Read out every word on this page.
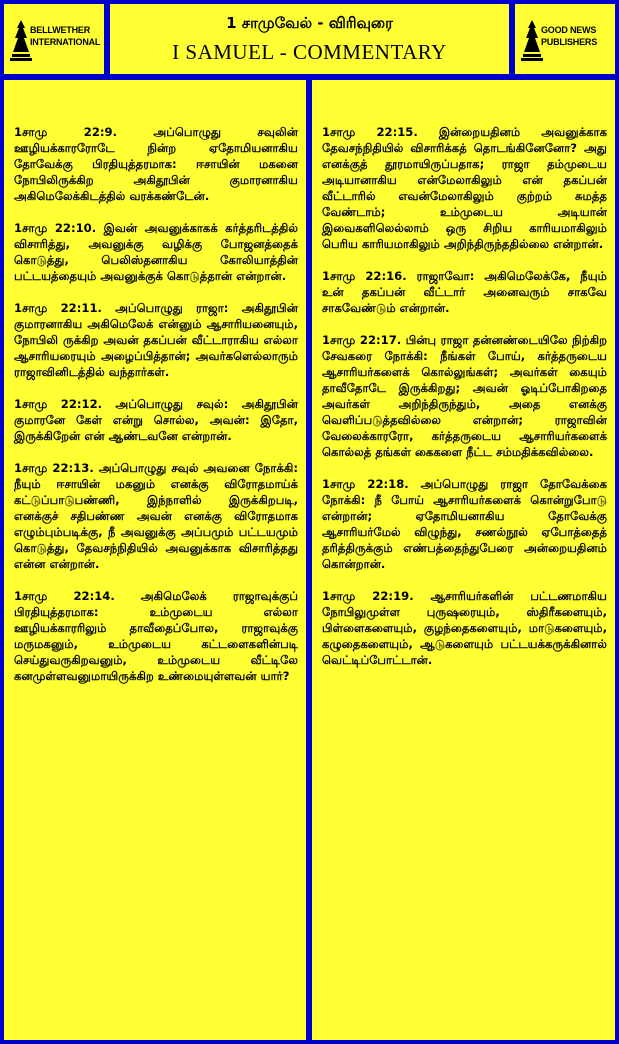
BELLWETHER
INTERNATIONAL
1 சாமுவேல் - விரிவுரை
I SAMUEL - COMMENTARY
GOOD NEWS
PUBLISHERS

1சாமு 22:9. அப்பொழுது சவுலின் ஊழியக்காரரோடே நின்ற ஏதோமியனாகிய தோவேக்கு பிரதியுத்தரமாக: ஈசாயின் மகனை நோபிலிருக்கிற அகிதூபின் குமாரனாகிய அகிமெலேக்கிடத்தில் வரக்கண்டேன்.

1சாமு 22:10. இவன் அவனுக்காகக் கர்த்தரிடத்தில் விசாரித்து, அவனுக்கு வழிக்கு போஜனத்தைக் கொடுத்து, பெலிஸ்தனாகிய கோலியாத்தின் பட்டயத்தையும் அவனுக்குக் கொடுத்தான் என்றான்.

1சாமு 22:11. அப்பொழுது ராஜா: அகிதூபின் குமாரனாகிய அகிமெலேக் என்னும் ஆசாரியனையும், நோபிலி ருக்கிற அவன் தகப்பன் வீட்டாராகிய எல்லா ஆசாரியரையும் அழைப்பித்தான்; அவர்களெல்லாரும் ராஜாவினிடத்தில் வந்தார்கள்.

1சாமு 22:12. அப்பொழுது சவுல்: அகிதூபின் குமாரனே கேள் என்று சொல்ல, அவன்: இதோ, இருக்கிறேன் என் ஆண்டவனே என்றான்.

1சாமு 22:13. அப்பொழுது சவுல் அவனை நோக்கி: நீயும் ஈசாயின் மகனும் எனக்கு விரோதமாய்க் கட்டுப்பாடுபண்ணி, இந்நாளில் இருக்கிறபடி, எனக்குச் சதிபண்ண அவன் எனக்கு விரோதமாக எழும்பும்படிக்கு, நீ அவனுக்கு அப்பமும் பட்டயமும் கொடுத்து, தேவசந்நிதியில் அவனுக்காக விசாரித்தது என்ன என்றான்.

1சாமு 22:14. அகிமெலேக் ராஜாவுக்குப் பிரதியுத்தரமாக: உம்முடைய எல்லா ஊழியக்காரரிலும் தாவீதைப்போல, ராஜாவுக்கு மருமகனும், உம்முடைய கட்டளைகளின்படி செய்துவருகிறவனும், உம்முடைய வீட்டிலே கனமுள்ளவனுமாயிருக்கிற உண்மையுள்ளவன் யார்?

1சாமு 22:15. இன்றையதினம் அவனுக்காக தேவசந்நிதியில் விசாரிக்கத் தொடங்கினேனோ? அது எனக்குத் தூரமாயிருப்பதாக; ராஜா தம்முடைய அடியானாகிய என்மேலாகிலும் என் தகப்பன் வீட்டாரில் எவன்மேலாகிலும் குற்றம் சுமத்த வேண்டாம்; உம்முடைய அடியான் இவைகளிலெல்லாம் ஒரு சிறிய காரியமாகிலும் பெரிய காரியமாகிலும் அறிந்திருந்ததில்லை என்றான்.

1சாமு 22:16. ராஜாவோ: அகிமெலேக்கே, நீயும் உன் தகப்பன் வீட்டார் அனைவரும் சாகவே சாகவேண்டும் என்றான்.

1சாமு 22:17. பின்பு ராஜா தன்னண்டையிலே நிற்கிற சேவகரை நோக்கி: நீங்கள் போய், கர்த்தருடைய ஆசாரியர்களைக் கொல்லுங்கள்; அவர்கள் கையும் தாவீதோடே இருக்கிறது; அவன் ஓடிப்போகிறதை அவர்கள் அறிந்திருந்தும், அதை எனக்கு வெளிப்படுத்தவில்லை என்றான்; ராஜாவின் வேலைக்காரரோ, கர்த்தருடைய ஆசாரியர்களைக் கொல்லத் தங்கள் கைகளை நீட்ட சம்மதிக்கவில்லை.

1சாமு 22:18. அப்பொழுது ராஜா தோவேக்கை நோக்கி: நீ போய் ஆசாரியர்களைக் கொன்றுபோடு என்றான்; ஏதோமியனாகிய தோவேக்கு ஆசாரியர்மேல் விழுந்து, சணல்நூல் ஏபோத்தைத் தரித்திருக்கும் எண்பத்தைந்துபேரை அன்றையதினம் கொன்றான்.

1சாமு 22:19. ஆசாரியர்களின் பட்டணமாகிய நோபிலுமுள்ள புருஷரையும், ஸ்திரீகளையும், பிள்ளைகளையும், குழந்தைகளையும், மாடுகளையும், கழுதைகளையும், ஆடுகளையும் பட்டயக்கருக்கினால் வெட்டிப்போட்டான்.
